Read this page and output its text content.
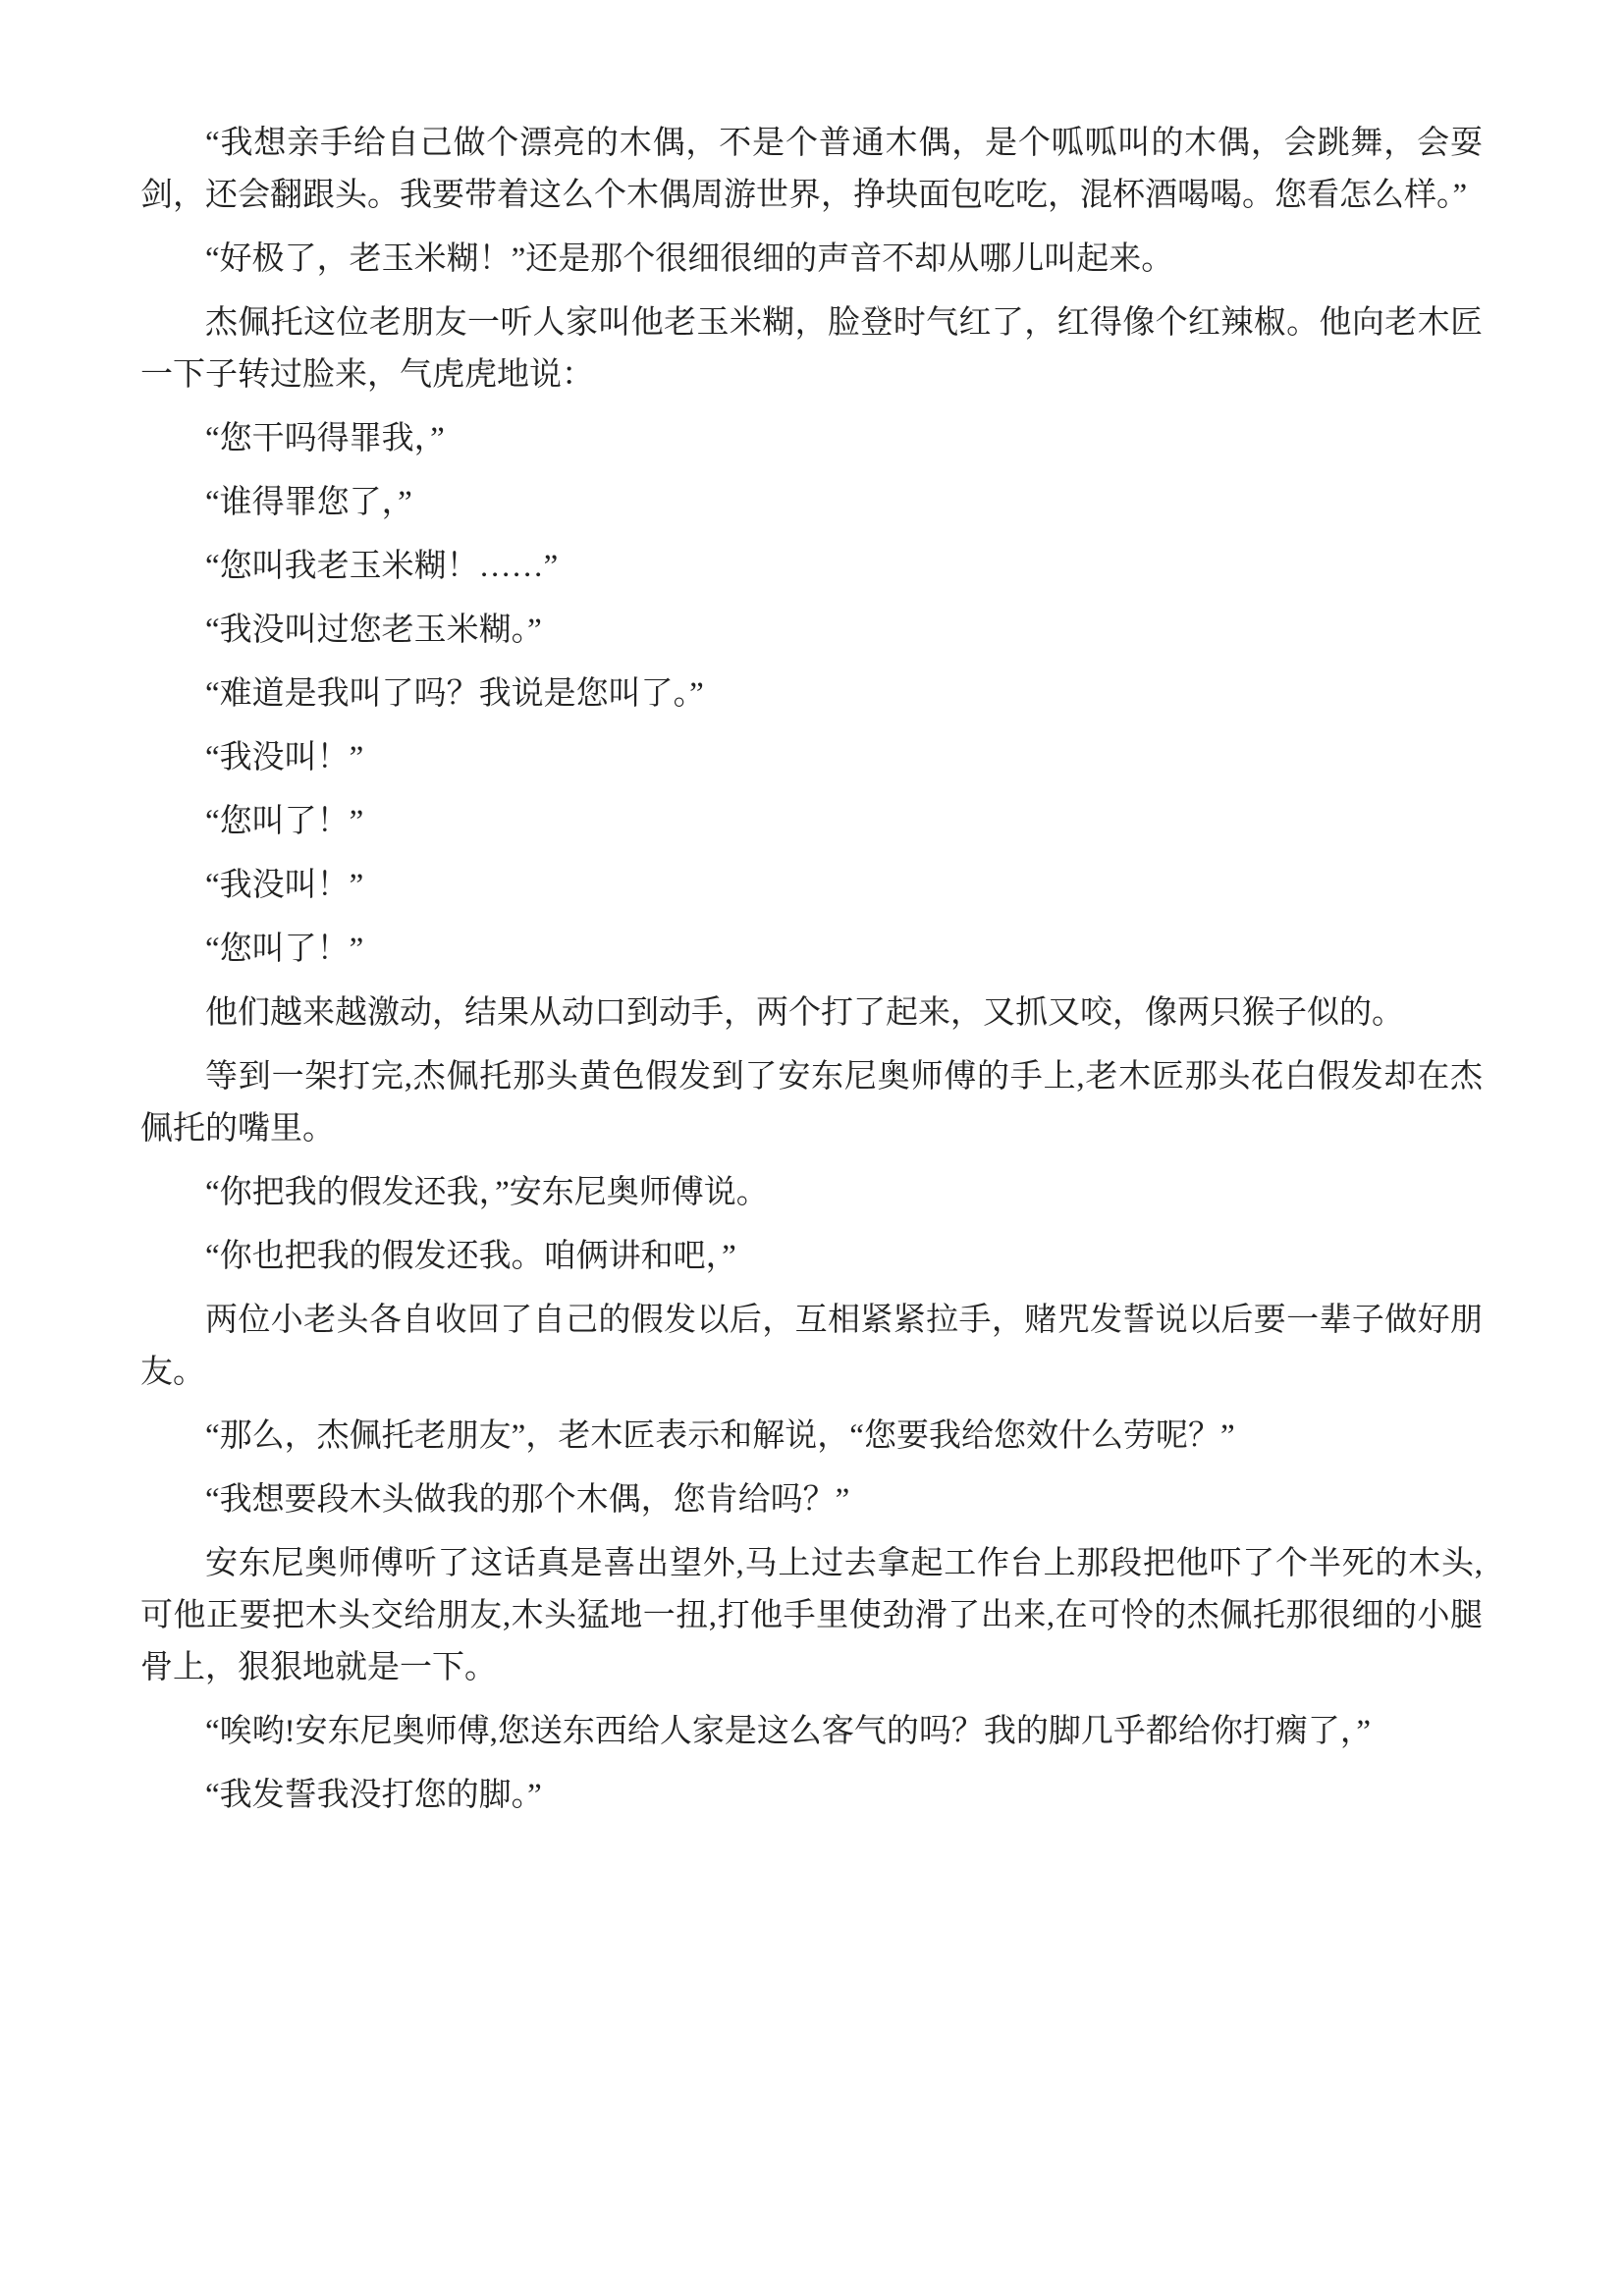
“我想亲手给自己做个漂亮的木偶，不是个普通木偶，是个呱呱叫的木偶，会跳舞，会耍剑，还会翻跟头。我要带着这么个木偶周游世界，挣块面包吃吃，混杯酒喝喝。您看怎么样。”

“好极了，老玉米糊！”还是那个很细很细的声音不却从哪儿叫起来。

杰佩托这位老朋友一听人家叫他老玉米糊，脸登时气红了，红得像个红辣椒。他向老木匠一下子转过脸来，气虎虎地说：

“您干吗得罪我，”

“谁得罪您了，”

“您叫我老玉米糊！……”

“我没叫过您老玉米糊。”

“难道是我叫了吗？我说是您叫了。”

“我没叫！”

“您叫了！”

“我没叫！”

“您叫了！”

他们越来越激动，结果从动口到动手，两个打了起来，又抓又咬，像两只猴子似的。

等到一架打完,杰佩托那头黄色假发到了安东尼奥师傅的手上,老木匠那头花白假发却在杰佩托的嘴里。

“你把我的假发还我，”安东尼奥师傅说。

“你也把我的假发还我。咱俩讲和吧，”

两位小老头各自收回了自己的假发以后，互相紧紧拉手，赌咒发誓说以后要一辈子做好朋友。

“那么，杰佩托老朋友”，老木匠表示和解说，“您要我给您效什么劳呢？”

“我想要段木头做我的那个木偶，您肯给吗？”

安东尼奥师傅听了这话真是喜出望外,马上过去拿起工作台上那段把他吓了个半死的木头,可他正要把木头交给朋友,木头猛地一扭,打他手里使劲滑了出来,在可怜的杰佩托那很细的小腿骨上，狠狠地就是一下。

“唉哟!安东尼奥师傅,您送东西给人家是这么客气的吗？我的脚几乎都给你打瘸了，”

“我发誓我没打您的脚。”
